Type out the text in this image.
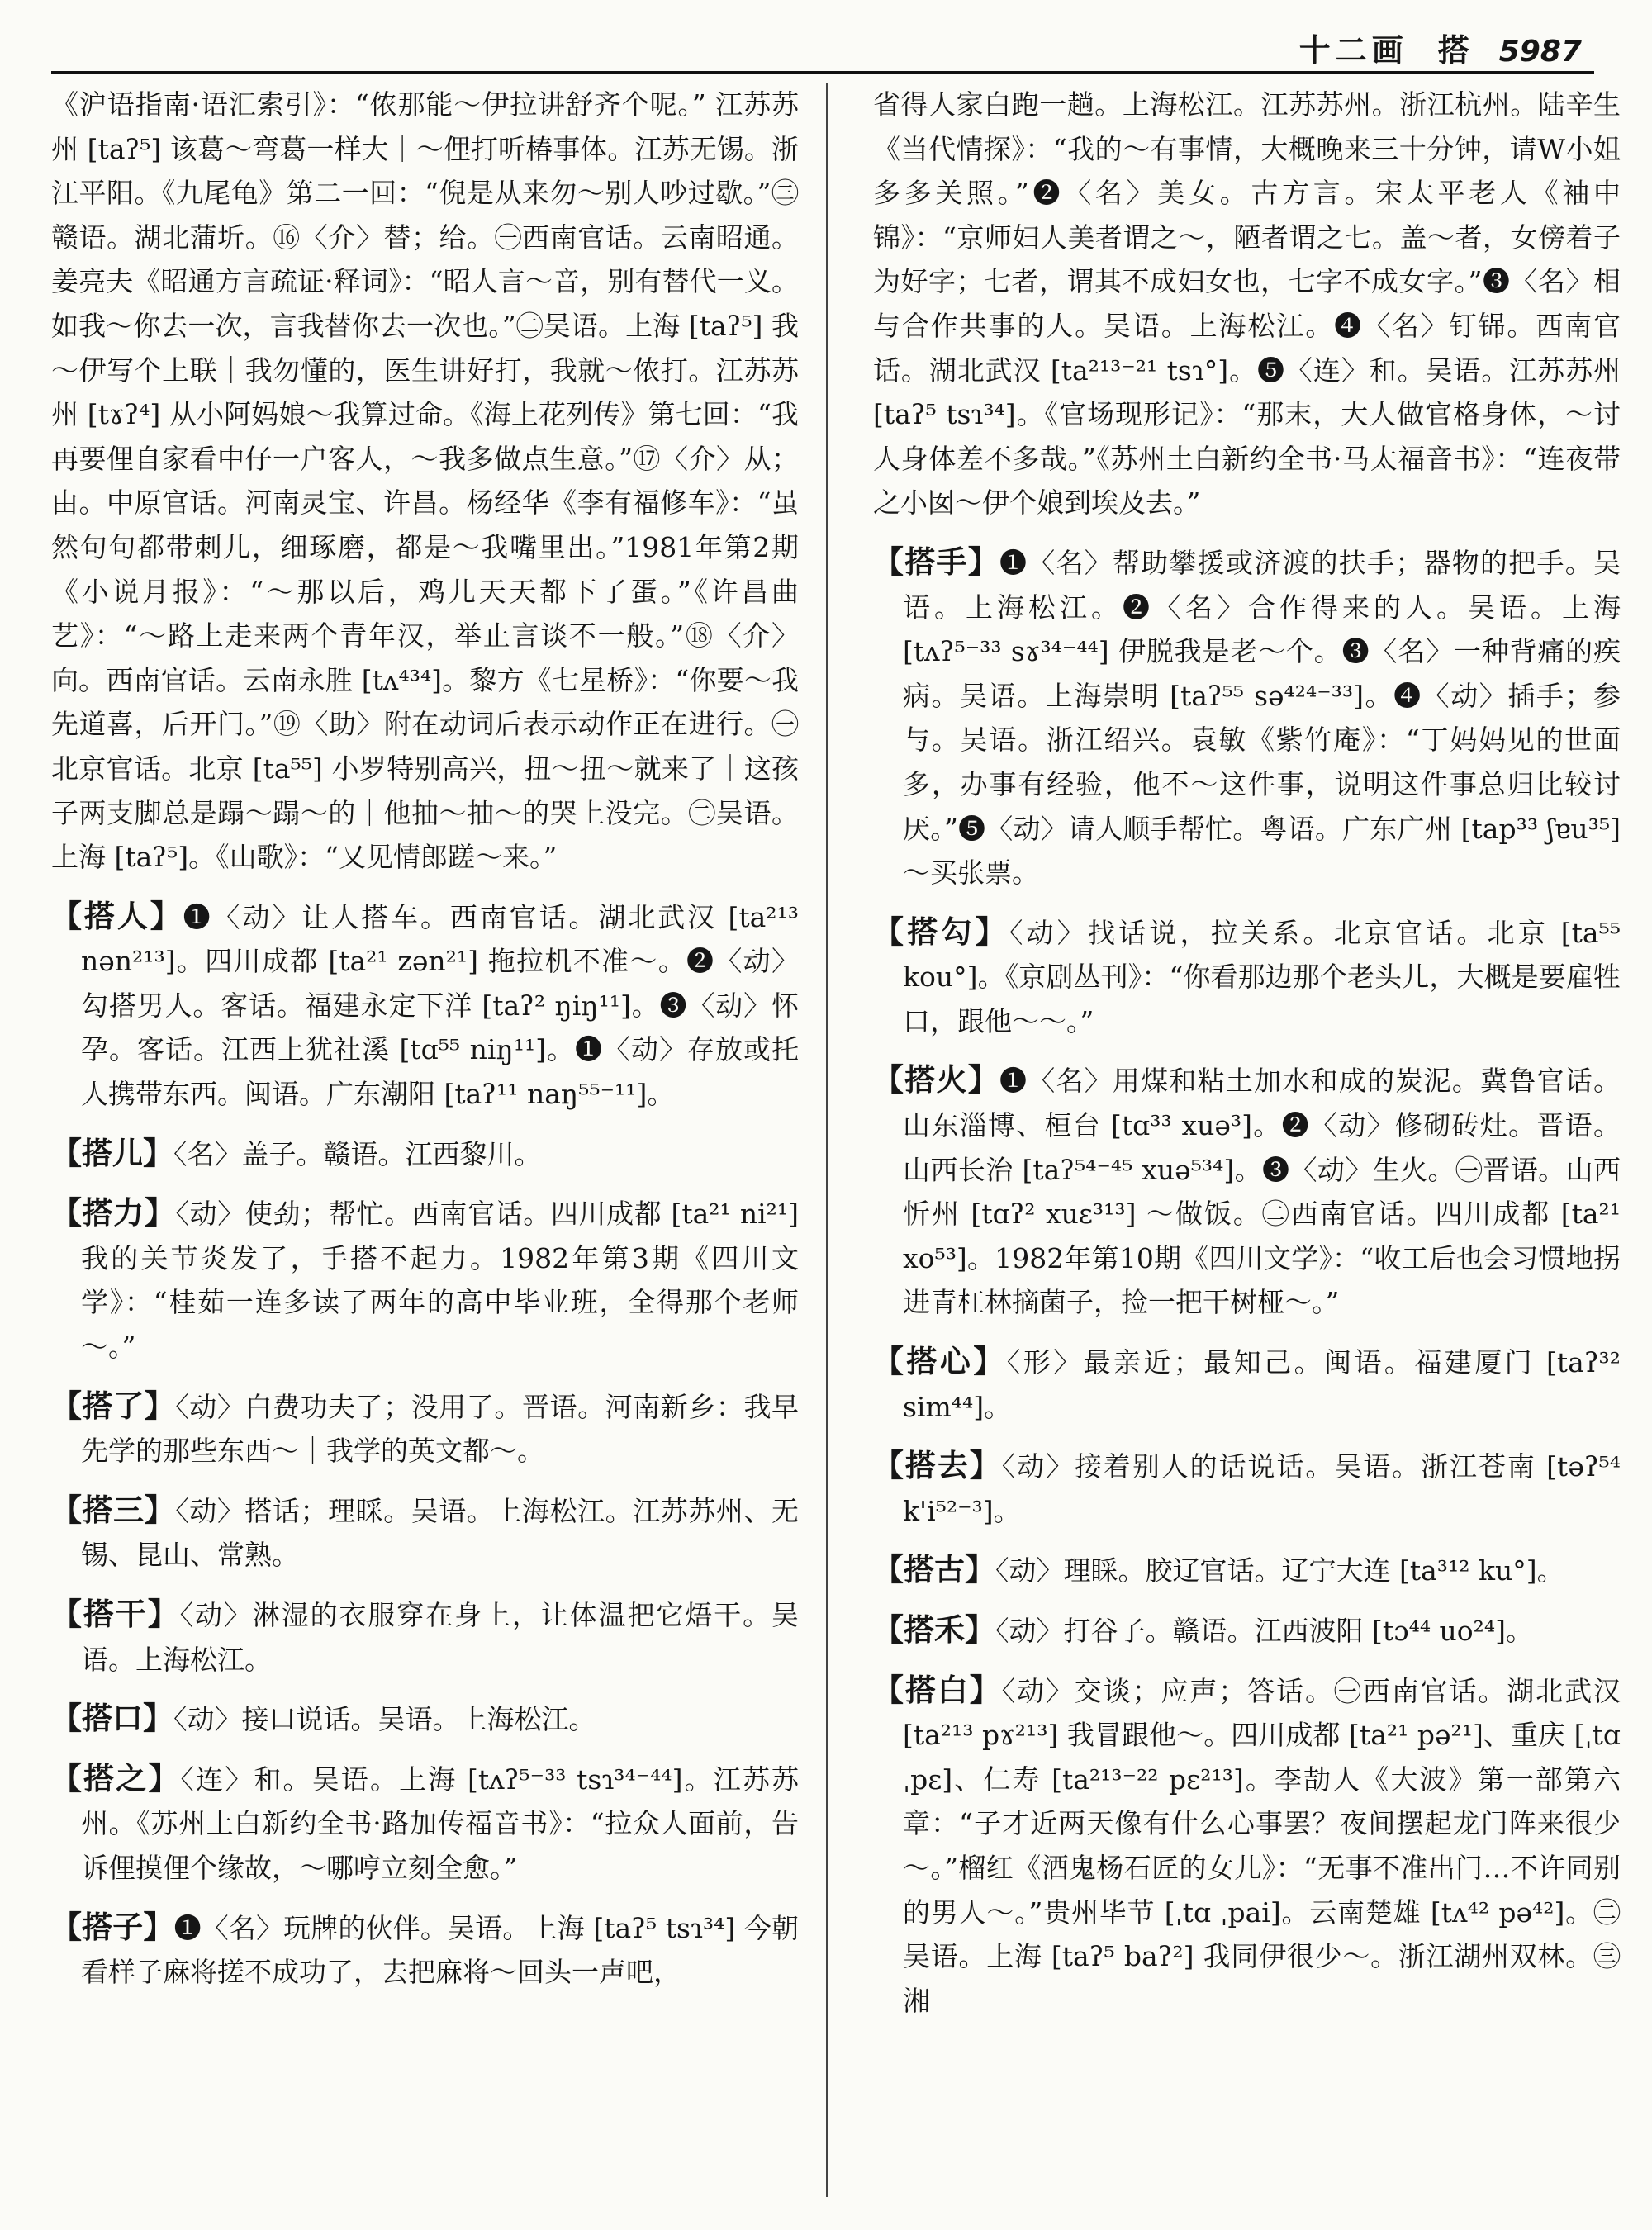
十二画 搭 5987

《沪语指南·语汇索引》：“侬那能～伊拉讲舒齐个呢。” 江苏苏州 [taʔ⁵] 该葛～弯葛一样大｜～俚打听椿事体。江苏无锡。浙江平阳。《九尾龟》第二一回：“倪是从来勿～别人吵过歇。”㊂赣语。湖北蒲圻。⑯〈介〉替；给。㊀西南官话。云南昭通。姜亮夫《昭通方言疏证·释词》：“昭人言～音，别有替代一义。如我～你去一次，言我替你去一次也。”㊁吴语。上海 [taʔ⁵] 我～伊写个上联｜我勿懂的，医生讲好打，我就～侬打。江苏苏州 [tɤʔ⁴] 从小阿妈娘～我算过命。《海上花列传》第七回：“我再要俚自家看中仔一户客人，～我多做点生意。”⑰〈介〉从；由。中原官话。河南灵宝、许昌。杨经华《李有福修车》：“虽然句句都带刺儿，细琢磨，都是～我嘴里出。”1981年第2期《小说月报》：“～那以后，鸡儿天天都下了蛋。”《许昌曲艺》：“～路上走来两个青年汉，举止言谈不一般。”⑱〈介〉向。西南官话。云南永胜 [tʌ⁴³⁴]。黎方《七星桥》：“你要～我先道喜，后开门。”⑲〈助〉附在动词后表示动作正在进行。㊀北京官话。北京 [ta⁵⁵] 小罗特别高兴，扭～扭～就来了｜这孩子两支脚总是蹋～蹋～的｜他抽～抽～的哭上没完。㊁吴语。上海 [taʔ⁵]。《山歌》：“又见情郎蹉～来。”

【搭人】❶〈动〉让人搭车。西南官话。湖北武汉 [ta²¹³ nən²¹³]。四川成都 [ta²¹ zən²¹] 拖拉机不准～。❷〈动〉勾搭男人。客话。福建永定下洋 [taʔ² ŋiŋ¹¹]。❸〈动〉怀孕。客话。江西上犹社溪 [tɑ⁵⁵ niŋ¹¹]。❶〈动〉存放或托人携带东西。闽语。广东潮阳 [taʔ¹¹ naŋ⁵⁵⁻¹¹]。

【搭儿】〈名〉盖子。赣语。江西黎川。

【搭力】〈动〉使劲；帮忙。西南官话。四川成都 [ta²¹ ni²¹] 我的关节炎发了，手搭不起力。1982年第3期《四川文学》：“桂茹一连多读了两年的高中毕业班，全得那个老师～。”

【搭了】〈动〉白费功夫了；没用了。晋语。河南新乡：我早先学的那些东西～｜我学的英文都～。

【搭三】〈动〉搭话；理睬。吴语。上海松江。江苏苏州、无锡、昆山、常熟。

【搭干】〈动〉淋湿的衣服穿在身上，让体温把它焐干。吴语。上海松江。

【搭口】〈动〉接口说话。吴语。上海松江。

【搭之】〈连〉和。吴语。上海 [tʌʔ⁵⁻³³ tsɿ³⁴⁻⁴⁴]。江苏苏州。《苏州土白新约全书·路加传福音书》：“拉众人面前，告诉俚摸俚个缘故，～哪哼立刻全愈。”

【搭子】❶〈名〉玩牌的伙伴。吴语。上海 [taʔ⁵ tsɿ³⁴] 今朝看样子麻将搓不成功了，去把麻将～回头一声吧，

省得人家白跑一趟。上海松江。江苏苏州。浙江杭州。陆辛生《当代情探》：“我的～有事情，大概晚来三十分钟，请W小姐多多关照。”❷〈名〉美女。古方言。宋太平老人《袖中锦》：“京师妇人美者谓之～，陋者谓之七。盖～者，女傍着子为好字；七者，谓其不成妇女也，七字不成女字。”❸〈名〉相与合作共事的人。吴语。上海松江。❹〈名〉钉铞。西南官话。湖北武汉 [ta²¹³⁻²¹ tsɿ°]。❺〈连〉和。吴语。江苏苏州 [taʔ⁵ tsɿ³⁴]。《官场现形记》：“那末，大人做官格身体，～讨人身体差不多哉。”《苏州土白新约全书·马太福音书》：“连夜带之小囡～伊个娘到埃及去。”

【搭手】❶〈名〉帮助攀援或济渡的扶手；器物的把手。吴语。上海松江。❷〈名〉合作得来的人。吴语。上海 [tʌʔ⁵⁻³³ sɤ³⁴⁻⁴⁴] 伊脱我是老～个。❸〈名〉一种背痛的疾病。吴语。上海崇明 [taʔ⁵⁵ sə⁴²⁴⁻³³]。❹〈动〉插手；参与。吴语。浙江绍兴。袁敏《紫竹庵》：“丁妈妈见的世面多，办事有经验，他不～这件事，说明这件事总归比较讨厌。”❺〈动〉请人顺手帮忙。粤语。广东广州 [tap³³ ʃɐu³⁵] ～买张票。

【搭勾】〈动〉找话说，拉关系。北京官话。北京 [ta⁵⁵ kou°]。《京剧丛刊》：“你看那边那个老头儿，大概是要雇牲口，跟他～～。”

【搭火】❶〈名〉用煤和粘土加水和成的炭泥。冀鲁官话。山东淄博、桓台 [tɑ³³ xuə³]。❷〈动〉修砌砖灶。晋语。山西长治 [taʔ⁵⁴⁻⁴⁵ xuə⁵³⁴]。❸〈动〉生火。㊀晋语。山西忻州 [tɑʔ² xuɛ³¹³] ～做饭。㊁西南官话。四川成都 [ta²¹ xo⁵³]。1982年第10期《四川文学》：“收工后也会习惯地拐进青杠林摘菌子，捡一把干树桠～。”

【搭心】〈形〉最亲近；最知己。闽语。福建厦门 [taʔ³² sim⁴⁴]。

【搭去】〈动〉接着别人的话说话。吴语。浙江苍南 [təʔ⁵⁴ k'i⁵²⁻³]。

【搭古】〈动〉理睬。胶辽官话。辽宁大连 [ta³¹² ku°]。

【搭禾】〈动〉打谷子。赣语。江西波阳 [tɔ⁴⁴ uo²⁴]。

【搭白】〈动〉交谈；应声；答话。㊀西南官话。湖北武汉 [ta²¹³ pɤ²¹³] 我冒跟他～。四川成都 [ta²¹ pə²¹]、重庆 [ˌtɑ ˌpɛ]、仁寿 [ta²¹³⁻²² pɛ²¹³]。李劼人《大波》第一部第六章：“子才近两天像有什么心事罢？夜间摆起龙门阵来很少～。”榴红《酒鬼杨石匠的女儿》：“无事不准出门…不许同别的男人～。”贵州毕节 [ˌtɑ ˌpai]。云南楚雄 [tʌ⁴² pə⁴²]。㊁吴语。上海 [taʔ⁵ baʔ²] 我同伊很少～。浙江湖州双林。㊂湘
